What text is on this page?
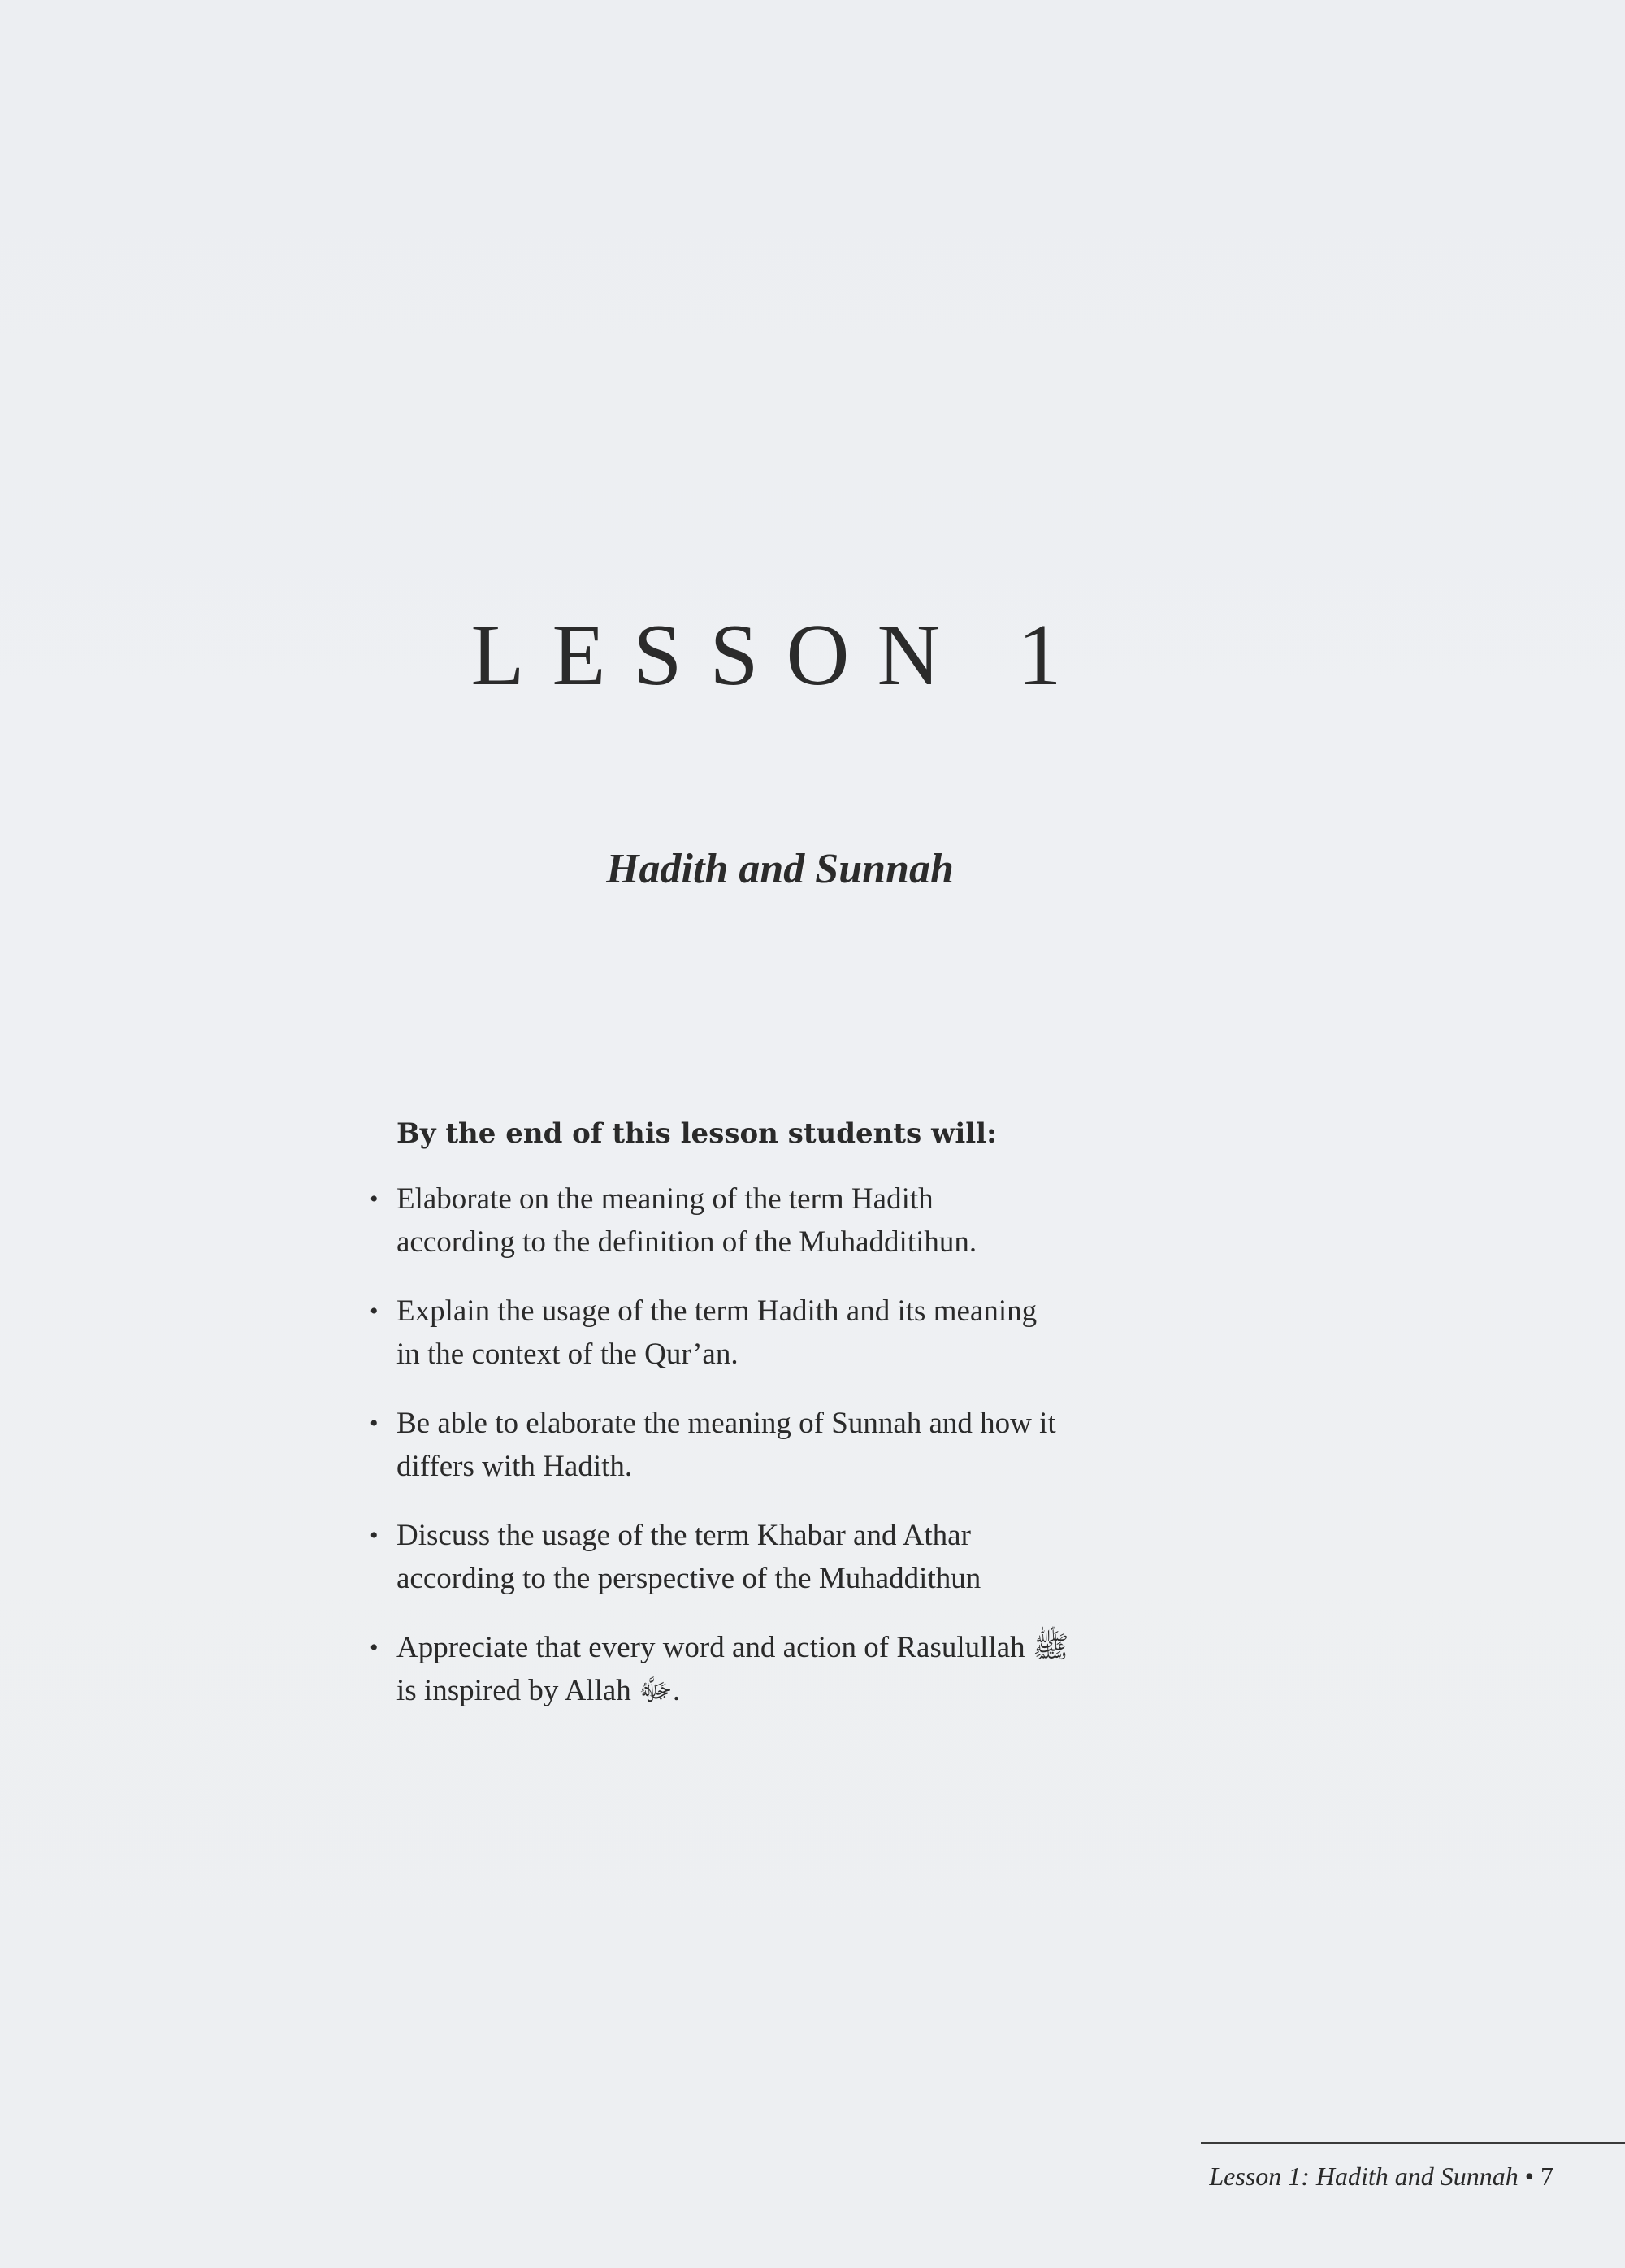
LESSON 1
Hadith and Sunnah

By the end of this lesson students will:

• Elaborate on the meaning of the term Hadith
according to the definition of the Muhadditihun.
• Explain the usage of the term Hadith and its meaning
in the context of the Qur’an.
• Be able to elaborate the meaning of Sunnah and how it
differs with Hadith.
• Discuss the usage of the term Khabar and Athar
according to the perspective of the Muhaddithun
• Appreciate that every word and action of Rasulullah ﷺ
is inspired by Allah ﷻ.
Lesson 1: Hadith and Sunnah • 7
